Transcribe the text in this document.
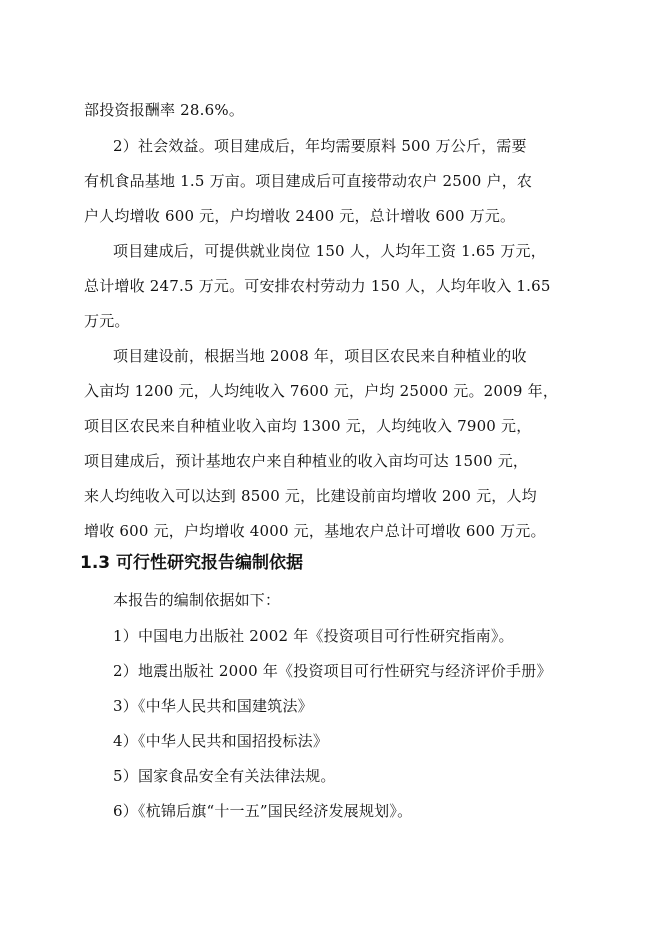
部投资报酬率 28.6%。
2）社会效益。项目建成后，年均需要原料 500 万公斤，需要
有机食品基地 1.5 万亩。项目建成后可直接带动农户 2500 户，农
户人均增收 600 元，户均增收 2400 元，总计增收 600 万元。
项目建成后，可提供就业岗位 150 人，人均年工资 1.65 万元，
总计增收 247.5 万元。可安排农村劳动力 150 人，人均年收入 1.65
万元。
项目建设前，根据当地 2008 年，项目区农民来自种植业的收
入亩均 1200 元，人均纯收入 7600 元，户均 25000 元。2009 年，
项目区农民来自种植业收入亩均 1300 元，人均纯收入 7900 元，
项目建成后，预计基地农户来自种植业的收入亩均可达 1500 元，
来人均纯收入可以达到 8500 元，比建设前亩均增收 200 元，人均
增收 600 元，户均增收 4000 元，基地农户总计可增收 600 万元。
1.3 可行性研究报告编制依据
本报告的编制依据如下：
1）中国电力出版社 2002 年《投资项目可行性研究指南》。
2）地震出版社 2000 年《投资项目可行性研究与经济评价手册》
3）《中华人民共和国建筑法》
4）《中华人民共和国招投标法》
5）国家食品安全有关法律法规。
6）《杭锦后旗“十一五”国民经济发展规划》。
